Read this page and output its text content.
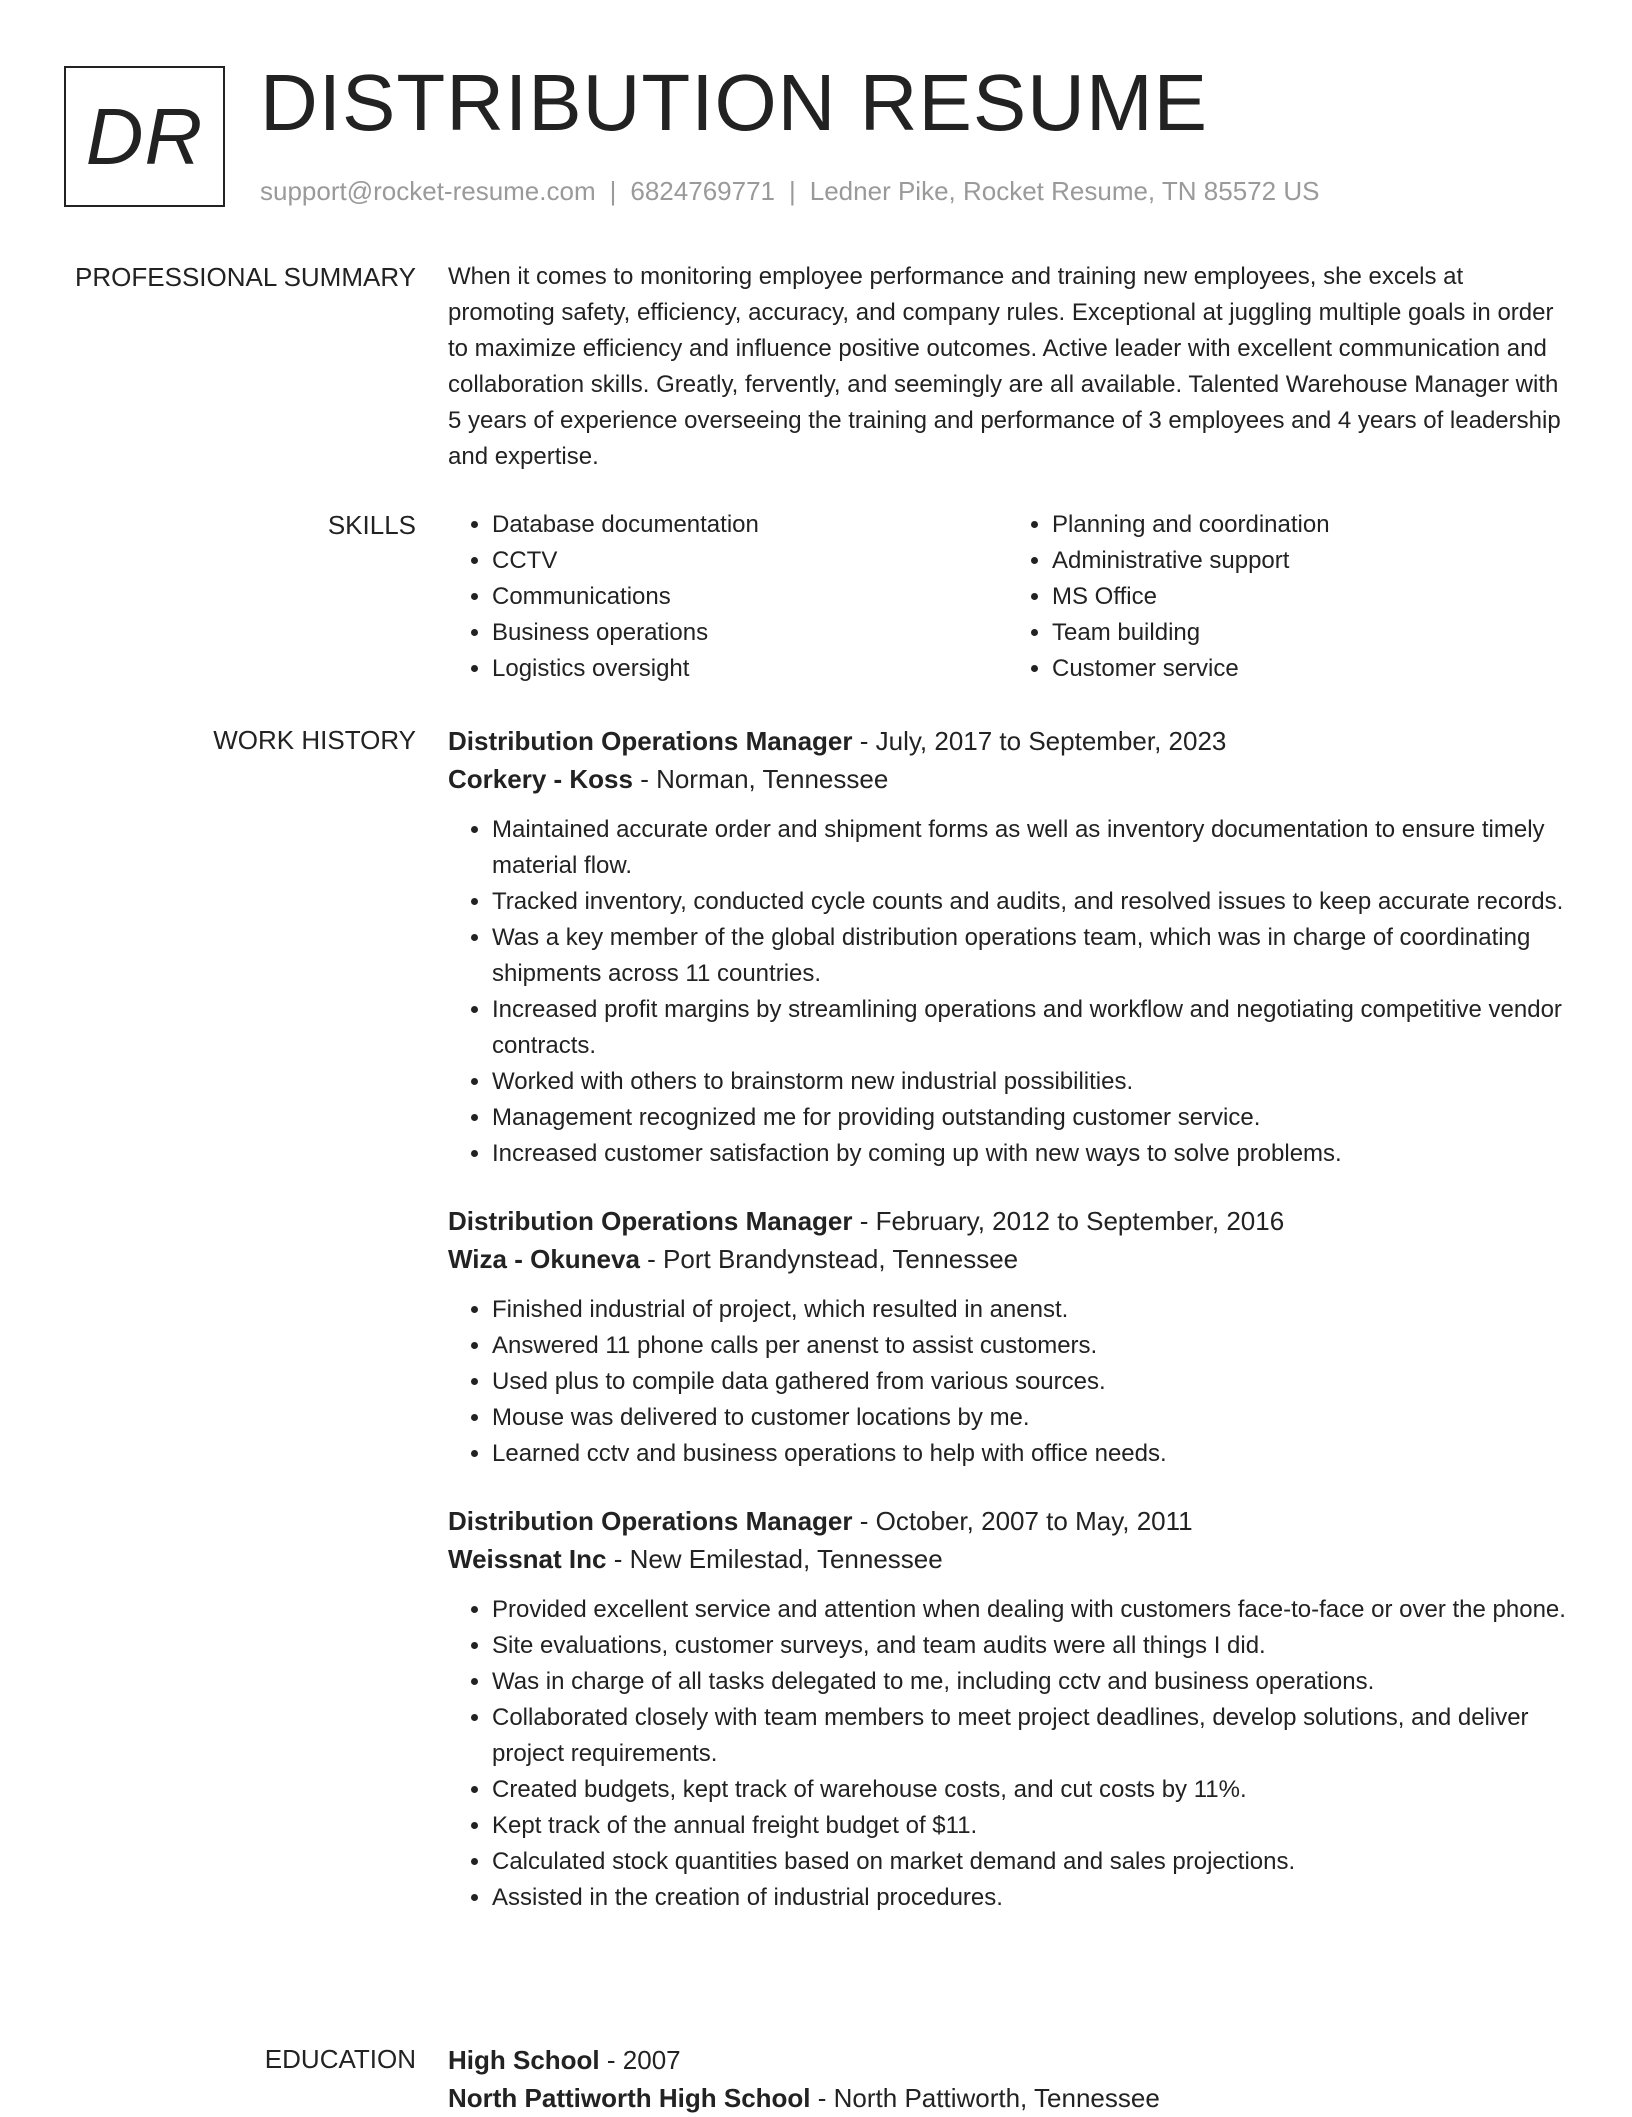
DR DISTRIBUTION RESUME
support@rocket-resume.com | 6824769771 | Ledner Pike, Rocket Resume, TN 85572 US
PROFESSIONAL SUMMARY When it comes to monitoring employee performance and training new employees, she excels at promoting safety, efficiency, accuracy, and company rules. Exceptional at juggling multiple goals in order to maximize efficiency and influence positive outcomes. Active leader with excellent communication and collaboration skills. Greatly, fervently, and seemingly are all available. Talented Warehouse Manager with 5 years of experience overseeing the training and performance of 3 employees and 4 years of leadership and expertise.

SKILLS
•	Database documentation
• CCTV
• Communications
• Business operations
• Logistics oversight
• Planning and coordination
• Administrative support
• MS Office
• Team building
• Customer service
WORK HISTORY Distribution Operations Manager - July, 2017 to September, 2023
Corkery - Koss - Norman, Tennessee
• Maintained accurate order and shipment forms as well as inventory documentation to ensure timely material flow.
• Tracked inventory, conducted cycle counts and audits, and resolved issues to keep accurate records.
• Was a key member of the global distribution operations team, which was in charge of coordinating shipments across 11 countries.
• Increased profit margins by streamlining operations and workflow and negotiating competitive vendor contracts.
• Worked with others to brainstorm new industrial possibilities.
• Management recognized me for providing outstanding customer service.
• Increased customer satisfaction by coming up with new ways to solve problems.
Distribution Operations Manager - February, 2012 to September, 2016
Wiza - Okuneva - Port Brandynstead, Tennessee
• Finished industrial of project, which resulted in anenst.
• Answered 11 phone calls per anenst to assist customers.
• Used plus to compile data gathered from various sources.
• Mouse was delivered to customer locations by me.
• Learned cctv and business operations to help with office needs.
Distribution Operations Manager - October, 2007 to May, 2011
Weissnat Inc - New Emilestad, Tennessee
• Provided excellent service and attention when dealing with customers face-to-face or over the phone.
• Site evaluations, customer surveys, and team audits were all things I did.
• Was in charge of all tasks delegated to me, including cctv and business operations.
• Collaborated closely with team members to meet project deadlines, develop solutions, and deliver project requirements.
• Created budgets, kept track of warehouse costs, and cut costs by 11%.
• Kept track of the annual freight budget of $11.
• Calculated stock quantities based on market demand and sales projections.
• Assisted in the creation of industrial procedures.
EDUCATION High School - 2007
North Pattiworth High School - North Pattiworth, Tennessee
